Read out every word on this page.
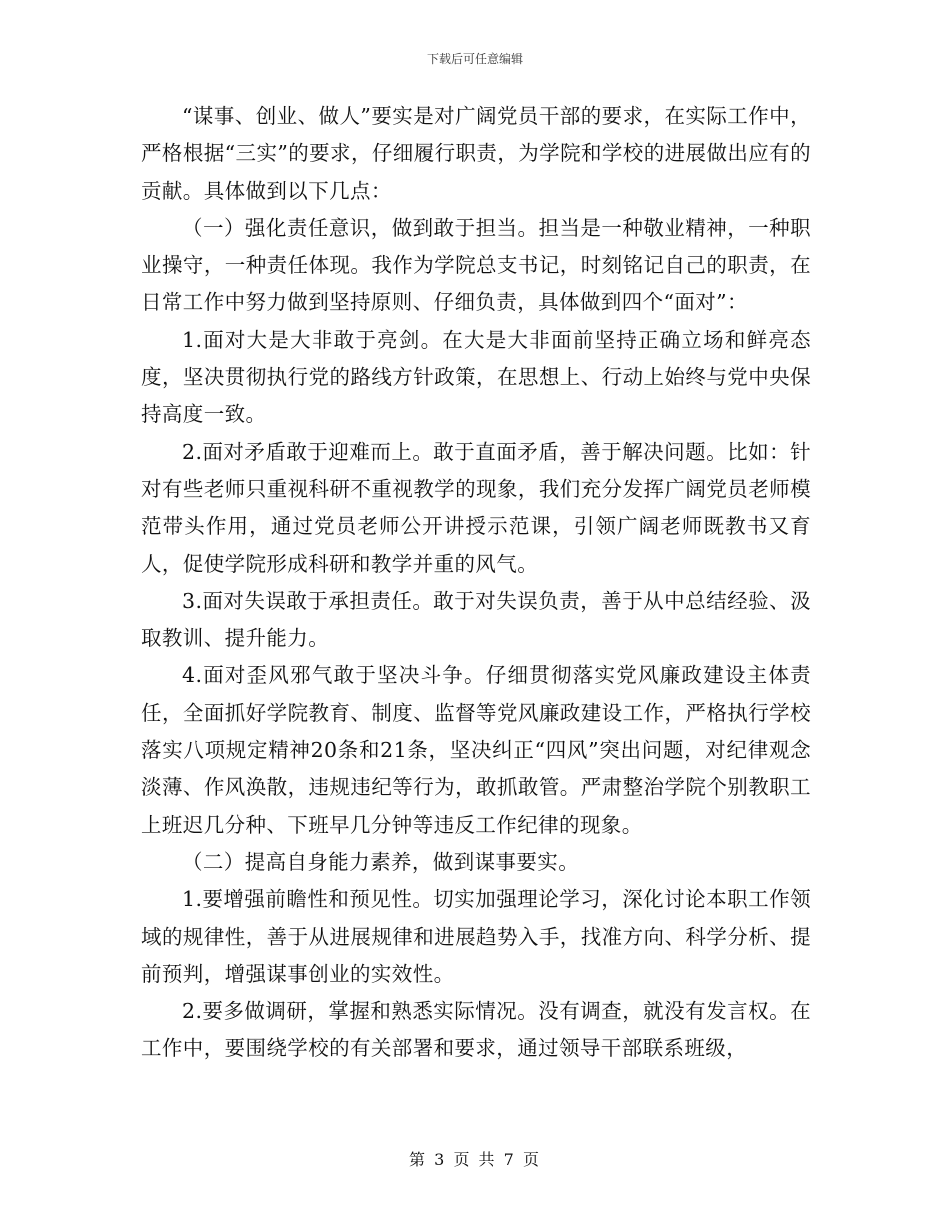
下载后可任意编辑

“谋事、创业、做人”要实是对广阔党员干部的要求，在实际工作中，严格根据“三实”的要求，仔细履行职责，为学院和学校的进展做出应有的贡献。具体做到以下几点：

（一）强化责任意识，做到敢于担当。担当是一种敬业精神，一种职业操守，一种责任体现。我作为学院总支书记，时刻铭记自己的职责，在日常工作中努力做到坚持原则、仔细负责，具体做到四个“面对”：

1.面对大是大非敢于亮剑。在大是大非面前坚持正确立场和鲜亮态度，坚决贯彻执行党的路线方针政策，在思想上、行动上始终与党中央保持高度一致。

2.面对矛盾敢于迎难而上。敢于直面矛盾，善于解决问题。比如：针对有些老师只重视科研不重视教学的现象，我们充分发挥广阔党员老师模范带头作用，通过党员老师公开讲授示范课，引领广阔老师既教书又育人，促使学院形成科研和教学并重的风气。

3.面对失误敢于承担责任。敢于对失误负责，善于从中总结经验、汲取教训、提升能力。

4.面对歪风邪气敢于坚决斗争。仔细贯彻落实党风廉政建设主体责任，全面抓好学院教育、制度、监督等党风廉政建设工作，严格执行学校落实八项规定精神20条和21条，坚决纠正“四风”突出问题，对纪律观念淡薄、作风涣散，违规违纪等行为，敢抓敢管。严肃整治学院个别教职工上班迟几分种、下班早几分钟等违反工作纪律的现象。

（二）提高自身能力素养，做到谋事要实。

1.要增强前瞻性和预见性。切实加强理论学习，深化讨论本职工作领域的规律性，善于从进展规律和进展趋势入手，找准方向、科学分析、提前预判，增强谋事创业的实效性。

2.要多做调研，掌握和熟悉实际情况。没有调查，就没有发言权。在工作中，要围绕学校的有关部署和要求，通过领导干部联系班级，

第 3 页 共 7 页
